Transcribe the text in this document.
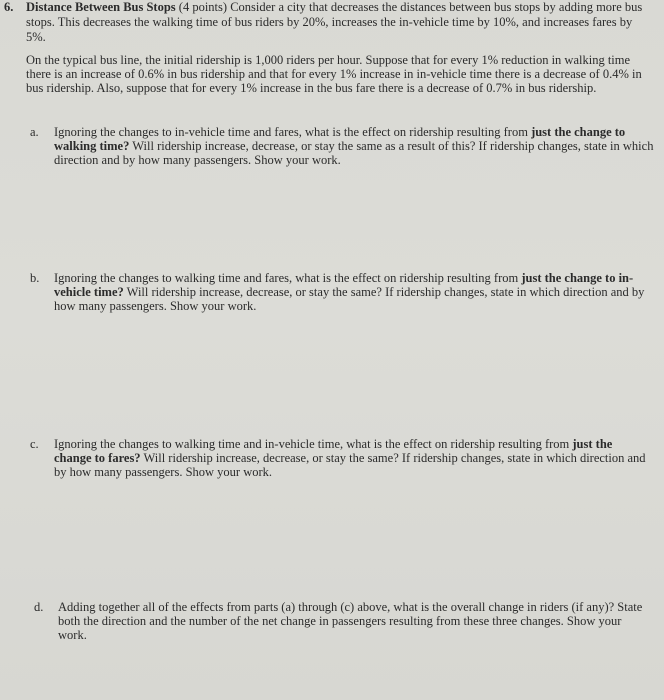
6. Distance Between Bus Stops (4 points) Consider a city that decreases the distances between bus stops by adding more bus stops. This decreases the walking time of bus riders by 20%, increases the in-vehicle time by 10%, and increases fares by 5%.
On the typical bus line, the initial ridership is 1,000 riders per hour. Suppose that for every 1% reduction in walking time there is an increase of 0.6% in bus ridership and that for every 1% increase in in-vehicle time there is a decrease of 0.4% in bus ridership. Also, suppose that for every 1% increase in the bus fare there is a decrease of 0.7% in bus ridership.
a. Ignoring the changes to in-vehicle time and fares, what is the effect on ridership resulting from just the change to walking time? Will ridership increase, decrease, or stay the same as a result of this? If ridership changes, state in which direction and by how many passengers. Show your work.
b. Ignoring the changes to walking time and fares, what is the effect on ridership resulting from just the change to in-vehicle time? Will ridership increase, decrease, or stay the same? If ridership changes, state in which direction and by how many passengers. Show your work.
c. Ignoring the changes to walking time and in-vehicle time, what is the effect on ridership resulting from just the change to fares? Will ridership increase, decrease, or stay the same? If ridership changes, state in which direction and by how many passengers. Show your work.
d. Adding together all of the effects from parts (a) through (c) above, what is the overall change in riders (if any)? State both the direction and the number of the net change in passengers resulting from these three changes. Show your work.
